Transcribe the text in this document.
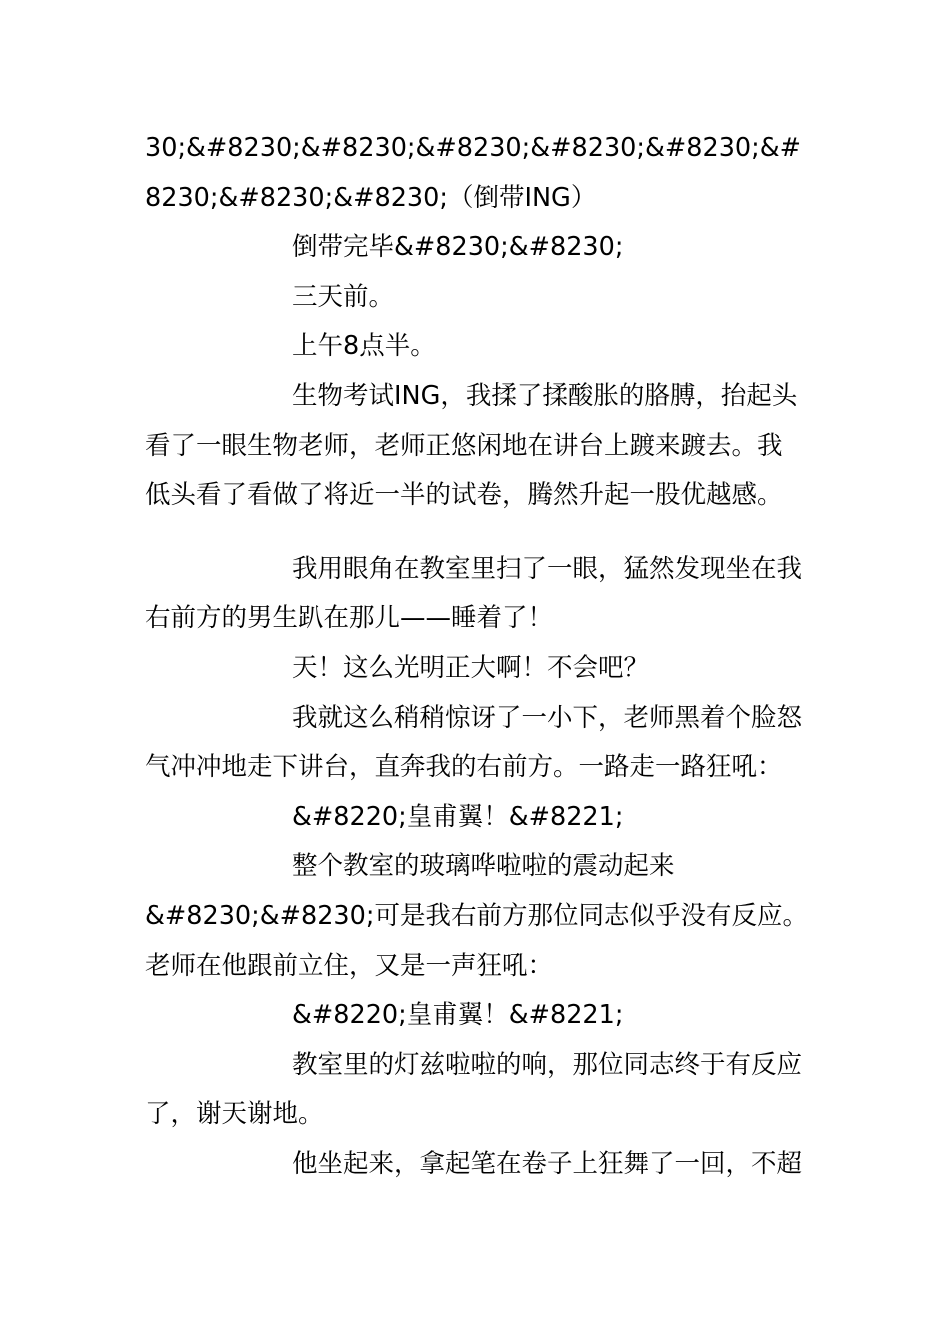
30;&#8230;&#8230;&#8230;&#8230;&#8230;&#
8230;&#8230;&#8230;（倒带ING）
倒带完毕&#8230;&#8230;
三天前。
上午8点半。
生物考试ING，我揉了揉酸胀的胳膊，抬起头
看了一眼生物老师，老师正悠闲地在讲台上踱来踱去。我
低头看了看做了将近一半的试卷，腾然升起一股优越感。
我用眼角在教室里扫了一眼，猛然发现坐在我
右前方的男生趴在那儿——睡着了！
天！这么光明正大啊！不会吧？
我就这么稍稍惊讶了一小下，老师黑着个脸怒
气冲冲地走下讲台，直奔我的右前方。一路走一路狂吼：
&#8220;皇甫翼！&#8221;
整个教室的玻璃哗啦啦的震动起来
&#8230;&#8230;可是我右前方那位同志似乎没有反应。
老师在他跟前立住，又是一声狂吼：
&#8220;皇甫翼！&#8221;
教室里的灯兹啦啦的响，那位同志终于有反应
了，谢天谢地。
他坐起来，拿起笔在卷子上狂舞了一回，不超
